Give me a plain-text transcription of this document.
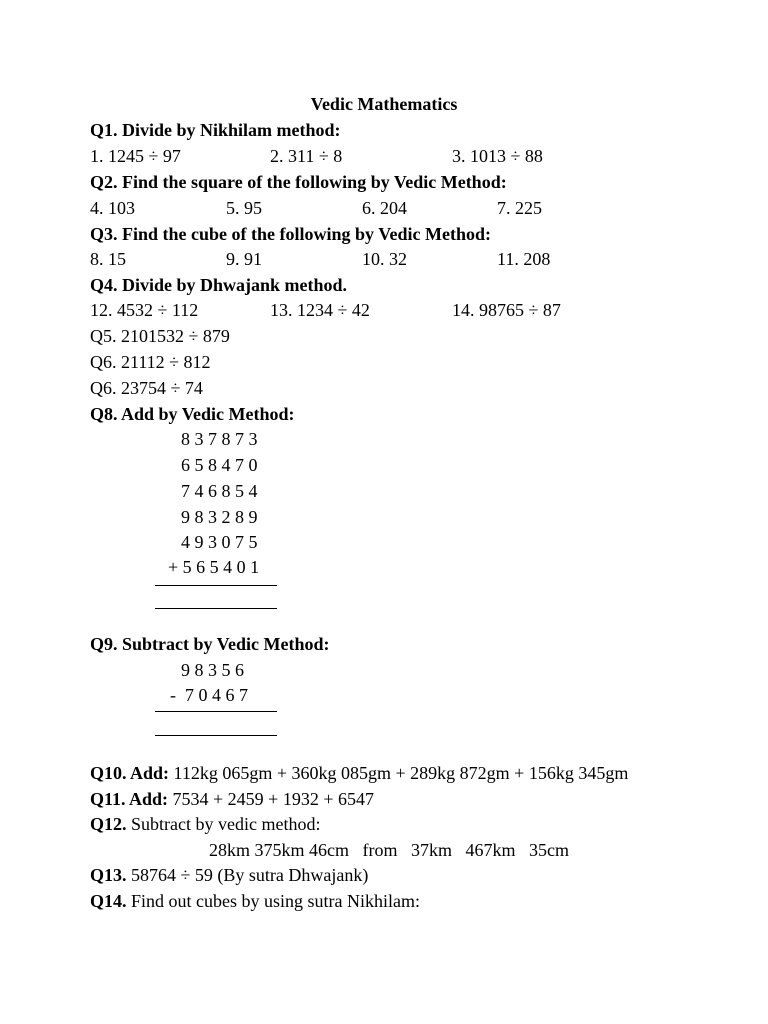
Vedic Mathematics
Q1. Divide by Nikhilam method:
1. 1245 ÷ 97	2. 311 ÷ 8	3. 1013 ÷ 88
Q2. Find the square of the following by Vedic Method:
4. 103	5. 95	6. 204	7. 225
Q3. Find the cube of the following by Vedic Method:
8. 15	9. 91	10. 32	11. 208
Q4. Divide by Dhwajank method.
12. 4532 ÷ 112	13. 1234 ÷ 42	14. 98765 ÷ 87
Q5. 2101532 ÷ 879
Q6. 21112 ÷ 812
Q6. 23754 ÷ 74
Q8. Add by Vedic Method:
8 3 7 8 7 3
6 5 8 4 7 0
7 4 6 8 5 4
9 8 3 2 8 9
4 9 3 0 7 5
+ 5 6 5 4 0 1
Q9. Subtract by Vedic Method:
9 8 3 5 6
-  7 0 4 6 7
Q10. Add: 112kg 065gm + 360kg 085gm + 289kg 872gm + 156kg 345gm
Q11. Add: 7534 + 2459 + 1932 + 6547
Q12. Subtract by vedic method:
28km 375km 46cm   from   37km   467km   35cm
Q13. 58764 ÷ 59 (By sutra Dhwajank)
Q14. Find out cubes by using sutra Nikhilam:
